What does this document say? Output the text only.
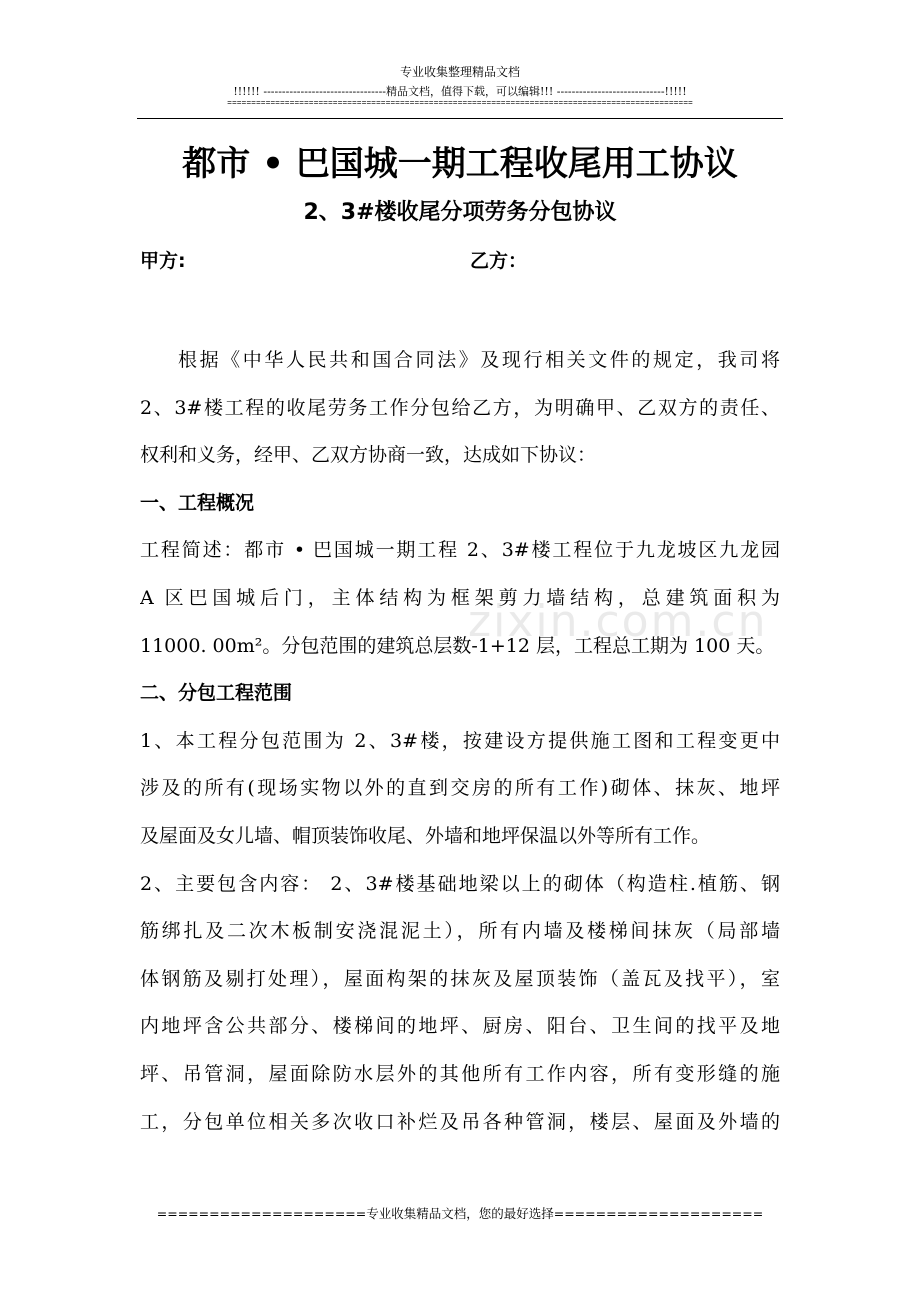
专业收集整理精品文档
!!!!!! ---------------------------------精品文档，值得下载，可以编辑!!! -----------------------------!!!!!
=================================================================================================
都市 • 巴国城一期工程收尾用工协议
2、3#楼收尾分项劳务分包协议
甲方:	乙方：
zixin.com.cn
根据《中华人民共和国合同法》及现行相关文件的规定，我司将
2、3#楼工程的收尾劳务工作分包给乙方，为明确甲、乙双方的责任、
权利和义务，经甲、乙双方协商一致，达成如下协议：
一、工程概况
工程简述：都市 • 巴国城一期工程 2、3#楼工程位于九龙坡区九龙园
A 区巴国城后门，主体结构为框架剪力墙结构，总建筑面积为
11000. 00m²。分包范围的建筑总层数-1+12 层，工程总工期为 100 天。
二、分包工程范围
1、本工程分包范围为 2、3#楼，按建设方提供施工图和工程变更中
涉及的所有(现场实物以外的直到交房的所有工作)砌体、抹灰、地坪
及屋面及女儿墙、帽顶装饰收尾、外墙和地坪保温以外等所有工作。
2、主要包含内容： 2、3#楼基础地梁以上的砌体（构造柱.植筋、钢
筋绑扎及二次木板制安浇混泥土），所有内墙及楼梯间抹灰（局部墙
体钢筋及剔打处理），屋面构架的抹灰及屋顶装饰（盖瓦及找平），室
内地坪含公共部分、楼梯间的地坪、厨房、阳台、卫生间的找平及地
坪、吊管洞，屋面除防水层外的其他所有工作内容，所有变形缝的施
工，分包单位相关多次收口补烂及吊各种管洞，楼层、屋面及外墙的
====================专业收集精品文档，您的最好选择====================
